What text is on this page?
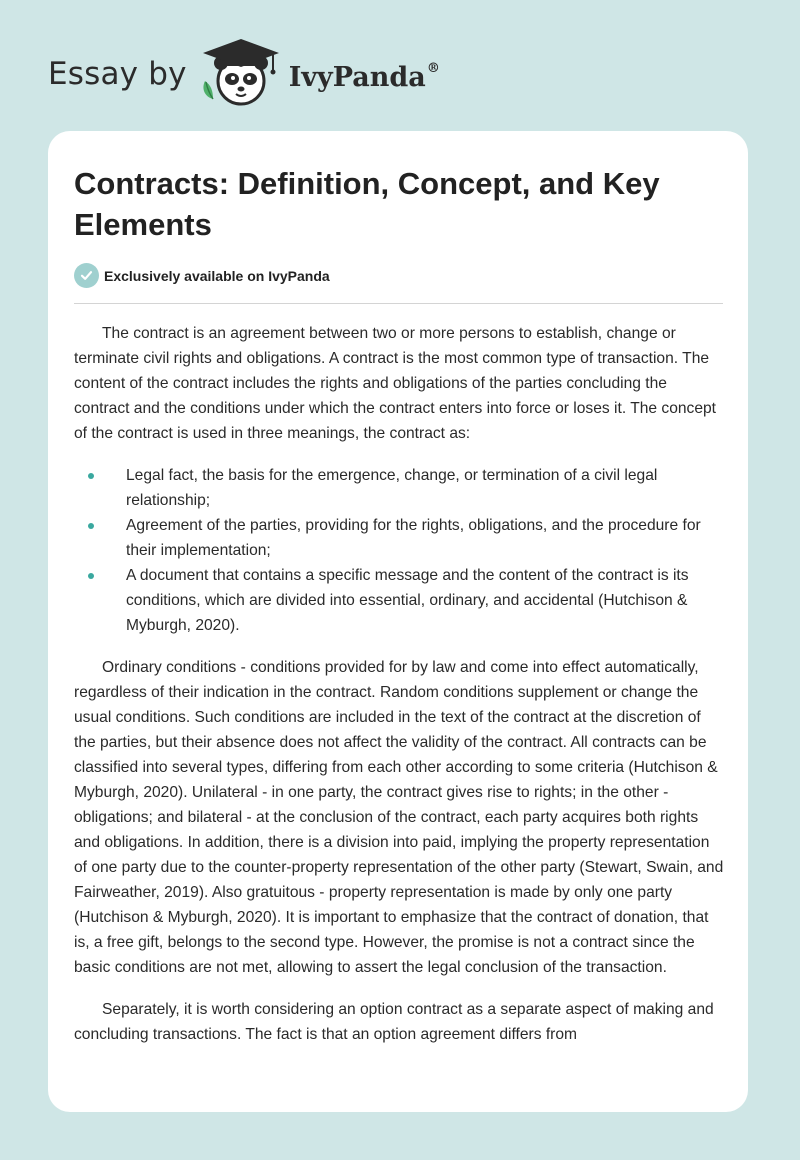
Essay by	IvyPanda®
Contracts: Definition, Concept, and Key Elements
Exclusively available on IvyPanda

The contract is an agreement between two or more persons to establish, change or terminate civil rights and obligations. A contract is the most common type of transaction. The content of the contract includes the rights and obligations of the parties concluding the contract and the conditions under which the contract enters into force or loses it. The concept of the contract is used in three meanings, the contract as:

Legal fact, the basis for the emergence, change, or termination of a civil legal relationship;
Agreement of the parties, providing for the rights, obligations, and the procedure for their implementation;
A document that contains a specific message and the content of the contract is its conditions, which are divided into essential, ordinary, and accidental (Hutchison & Myburgh, 2020).

Ordinary conditions - conditions provided for by law and come into effect automatically, regardless of their indication in the contract. Random conditions supplement or change the usual conditions. Such conditions are included in the text of the contract at the discretion of the parties, but their absence does not affect the validity of the contract. All contracts can be classified into several types, differing from each other according to some criteria (Hutchison & Myburgh, 2020). Unilateral - in one party, the contract gives rise to rights; in the other - obligations; and bilateral - at the conclusion of the contract, each party acquires both rights and obligations. In addition, there is a division into paid, implying the property representation of one party due to the counter-property representation of the other party (Stewart, Swain, and Fairweather, 2019). Also gratuitous - property representation is made by only one party (Hutchison & Myburgh, 2020). It is important to emphasize that the contract of donation, that is, a free gift, belongs to the second type. However, the promise is not a contract since the basic conditions are not met, allowing to assert the legal conclusion of the transaction.

Separately, it is worth considering an option contract as a separate aspect of making and concluding transactions. The fact is that an option agreement differs from
